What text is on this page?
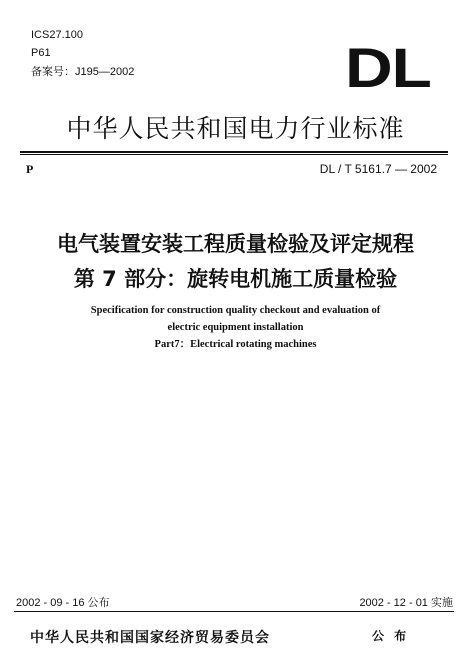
ICS27.100
P61
备案号：J195—2002	DL
中华人民共和国电力行业标准
P	DL / T 5161.7 — 2002
电气装置安装工程质量检验及评定规程
第 7 部分：旋转电机施工质量检验
Specification for construction quality checkout and evaluation of
electric equipment installation
Part7：Electrical rotating machines
2002 - 09 - 16 公布	2002 - 12 - 01 实施
中华人民共和国国家经济贸易委员会	公 布
